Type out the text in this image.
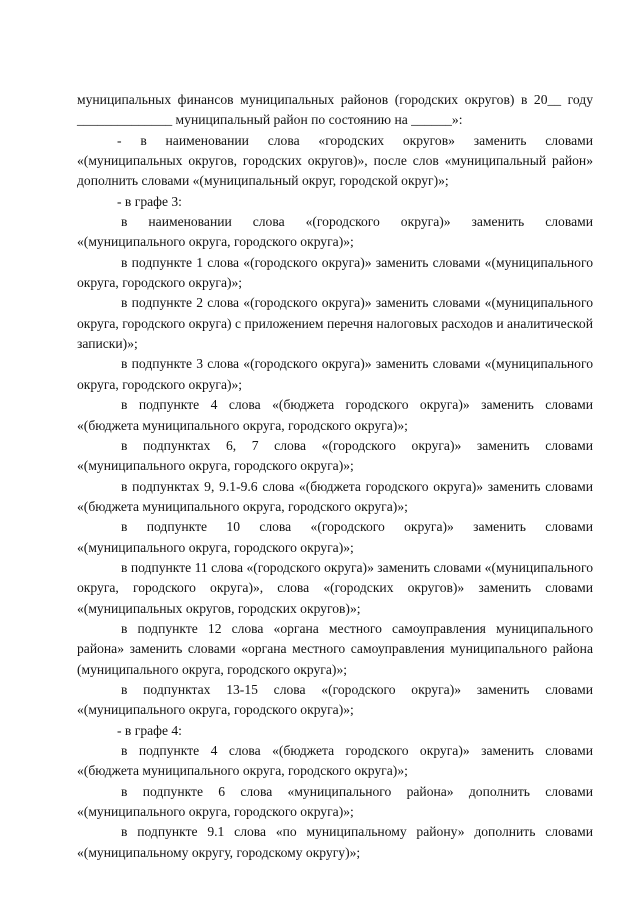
муниципальных финансов муниципальных районов (городских округов) в 20__ году ______________ муниципальный район по состоянию на ______»:

- в наименовании слова «городских округов» заменить словами «(муниципальных округов, городских округов)», после слов «муниципальный район» дополнить словами «(муниципальный округ, городской округ)»;

- в графе 3:

в наименовании слова «(городского округа)» заменить словами «(муниципального округа, городского округа)»;

в подпункте 1 слова «(городского округа)» заменить словами «(муниципального округа, городского округа)»;

в подпункте 2 слова «(городского округа)» заменить словами «(муниципального округа, городского округа) с приложением перечня налоговых расходов и аналитической записки)»;

в подпункте 3 слова «(городского округа)» заменить словами «(муниципального округа, городского округа)»;

в подпункте 4 слова «(бюджета городского округа)» заменить словами «(бюджета муниципального округа, городского округа)»;

в подпунктах 6, 7 слова «(городского округа)» заменить словами «(муниципального округа, городского округа)»;

в подпунктах 9, 9.1-9.6 слова «(бюджета городского округа)» заменить словами «(бюджета муниципального округа, городского округа)»;

в подпункте 10 слова «(городского округа)» заменить словами «(муниципального округа, городского округа)»;

в подпункте 11 слова «(городского округа)» заменить словами «(муниципального округа, городского округа)», слова «(городских округов)» заменить словами «(муниципальных округов, городских округов)»;

в подпункте 12 слова «органа местного самоуправления муниципального района» заменить словами «органа местного самоуправления муниципального района (муниципального округа, городского округа)»;

в подпунктах 13-15 слова «(городского округа)» заменить словами «(муниципального округа, городского округа)»;

- в графе 4:

в подпункте 4 слова «(бюджета городского округа)» заменить словами «(бюджета муниципального округа, городского округа)»;

в подпункте 6 слова «муниципального района» дополнить словами «(муниципального округа, городского округа)»;

в подпункте 9.1 слова «по муниципальному району» дополнить словами «(муниципальному округу, городскому округу)»;
